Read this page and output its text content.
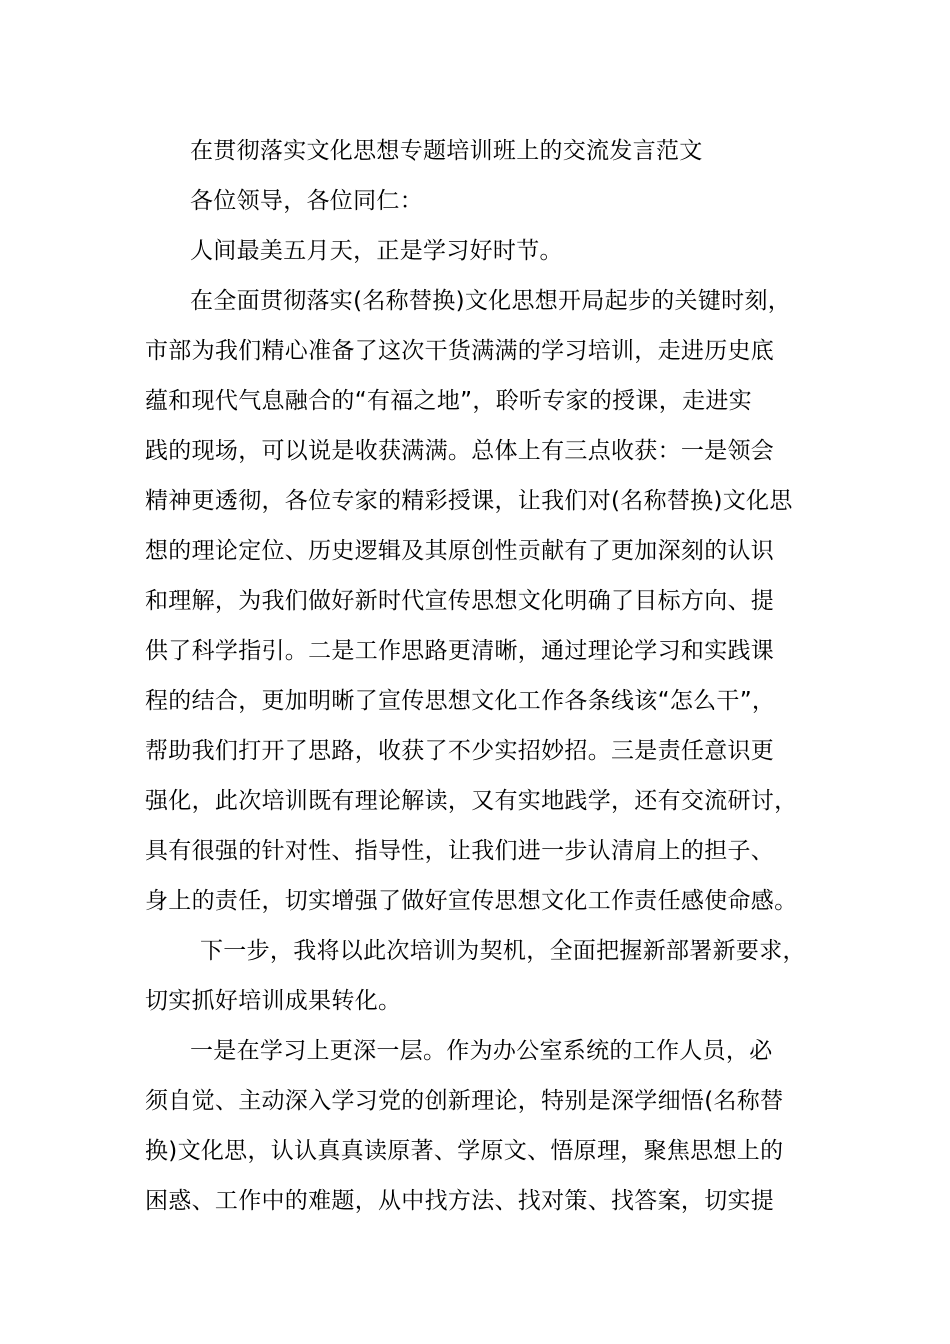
在贯彻落实文化思想专题培训班上的交流发言范文
各位领导，各位同仁：
人间最美五月天，正是学习好时节。
在全面贯彻落实(名称替换)文化思想开局起步的关键时刻，
市部为我们精心准备了这次干货满满的学习培训，走进历史底
蕴和现代气息融合的“有福之地”，聆听专家的授课，走进实
践的现场，可以说是收获满满。总体上有三点收获：一是领会
精神更透彻，各位专家的精彩授课，让我们对(名称替换)文化思
想的理论定位、历史逻辑及其原创性贡献有了更加深刻的认识
和理解，为我们做好新时代宣传思想文化明确了目标方向、提
供了科学指引。二是工作思路更清晰，通过理论学习和实践课
程的结合，更加明晰了宣传思想文化工作各条线该“怎么干”，
帮助我们打开了思路，收获了不少实招妙招。三是责任意识更
强化，此次培训既有理论解读，又有实地践学，还有交流研讨，
具有很强的针对性、指导性，让我们进一步认清肩上的担子、
身上的责任，切实增强了做好宣传思想文化工作责任感使命感。
下一步，我将以此次培训为契机，全面把握新部署新要求，
切实抓好培训成果转化。
一是在学习上更深一层。作为办公室系统的工作人员，必
须自觉、主动深入学习党的创新理论，特别是深学细悟(名称替
换)文化思，认认真真读原著、学原文、悟原理，聚焦思想上的
困惑、工作中的难题，从中找方法、找对策、找答案，切实提
